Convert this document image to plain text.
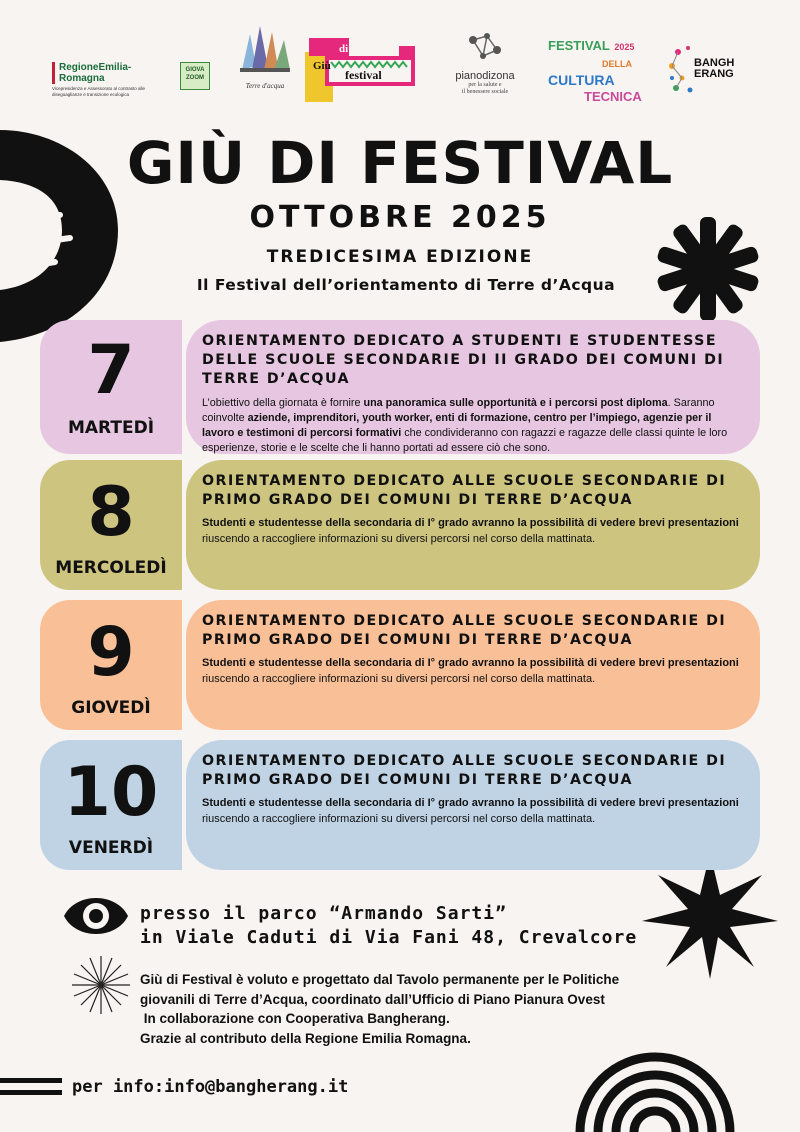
RegioneEmilia-Romagna
Vicepresidenza e Assessorato al contrasto alle diseguaglianze e transizione ecologica
GIOVA
ZOOM
Terre d'acqua
Giù
di
festival	pianodizona
per la salute e
il benessere sociale
FESTIVAL 2025
DELLA
CULTURA
TECNICA
BANGH
ERANG
GIÙ DI FESTIVAL
OTTOBRE 2025
TREDICESIMA EDIZIONE
Il Festival dell’orientamento di Terre d’Acqua
7
MARTEDÌ
ORIENTAMENTO DEDICATO A STUDENTI E STUDENTESSE DELLE SCUOLE SECONDARIE DI II GRADO DEI COMUNI DI TERRE D’ACQUA
L’obiettivo della giornata è fornire una panoramica sulle opportunità e i percorsi post diploma. Saranno coinvolte aziende, imprenditori, youth worker, enti di formazione, centro per l’impiego, agenzie per il lavoro e testimoni di percorsi formativi che condivideranno con ragazzi e ragazze delle classi quinte le loro esperienze, storie e le scelte che li hanno portati ad essere ciò che sono.
8
MERCOLEDÌ
ORIENTAMENTO DEDICATO ALLE SCUOLE SECONDARIE DI PRIMO GRADO DEI COMUNI DI TERRE D’ACQUA
Studenti e studentesse della secondaria di I° grado avranno la possibilità di vedere brevi presentazioni riuscendo a raccogliere informazioni su diversi percorsi nel corso della mattinata.
9
GIOVEDÌ
ORIENTAMENTO DEDICATO ALLE SCUOLE SECONDARIE DI PRIMO GRADO DEI COMUNI DI TERRE D’ACQUA
Studenti e studentesse della secondaria di I° grado avranno la possibilità di vedere brevi presentazioni riuscendo a raccogliere informazioni su diversi percorsi nel corso della mattinata.
10
VENERDÌ
ORIENTAMENTO DEDICATO ALLE SCUOLE SECONDARIE DI PRIMO GRADO DEI COMUNI DI TERRE D’ACQUA
Studenti e studentesse della secondaria di I° grado avranno la possibilità di vedere brevi presentazioni riuscendo a raccogliere informazioni su diversi percorsi nel corso della mattinata.
presso il parco “Armando Sarti”
in Viale Caduti di Via Fani 48, Crevalcore
Giù di Festival è voluto e progettato dal Tavolo permanente per le Politiche
giovanili di Terre d’Acqua, coordinato dall’Ufficio di Piano Pianura Ovest
In collaborazione con Cooperativa Bangherang.
Grazie al contributo della Regione Emilia Romagna.
per info:info@bangherang.it
